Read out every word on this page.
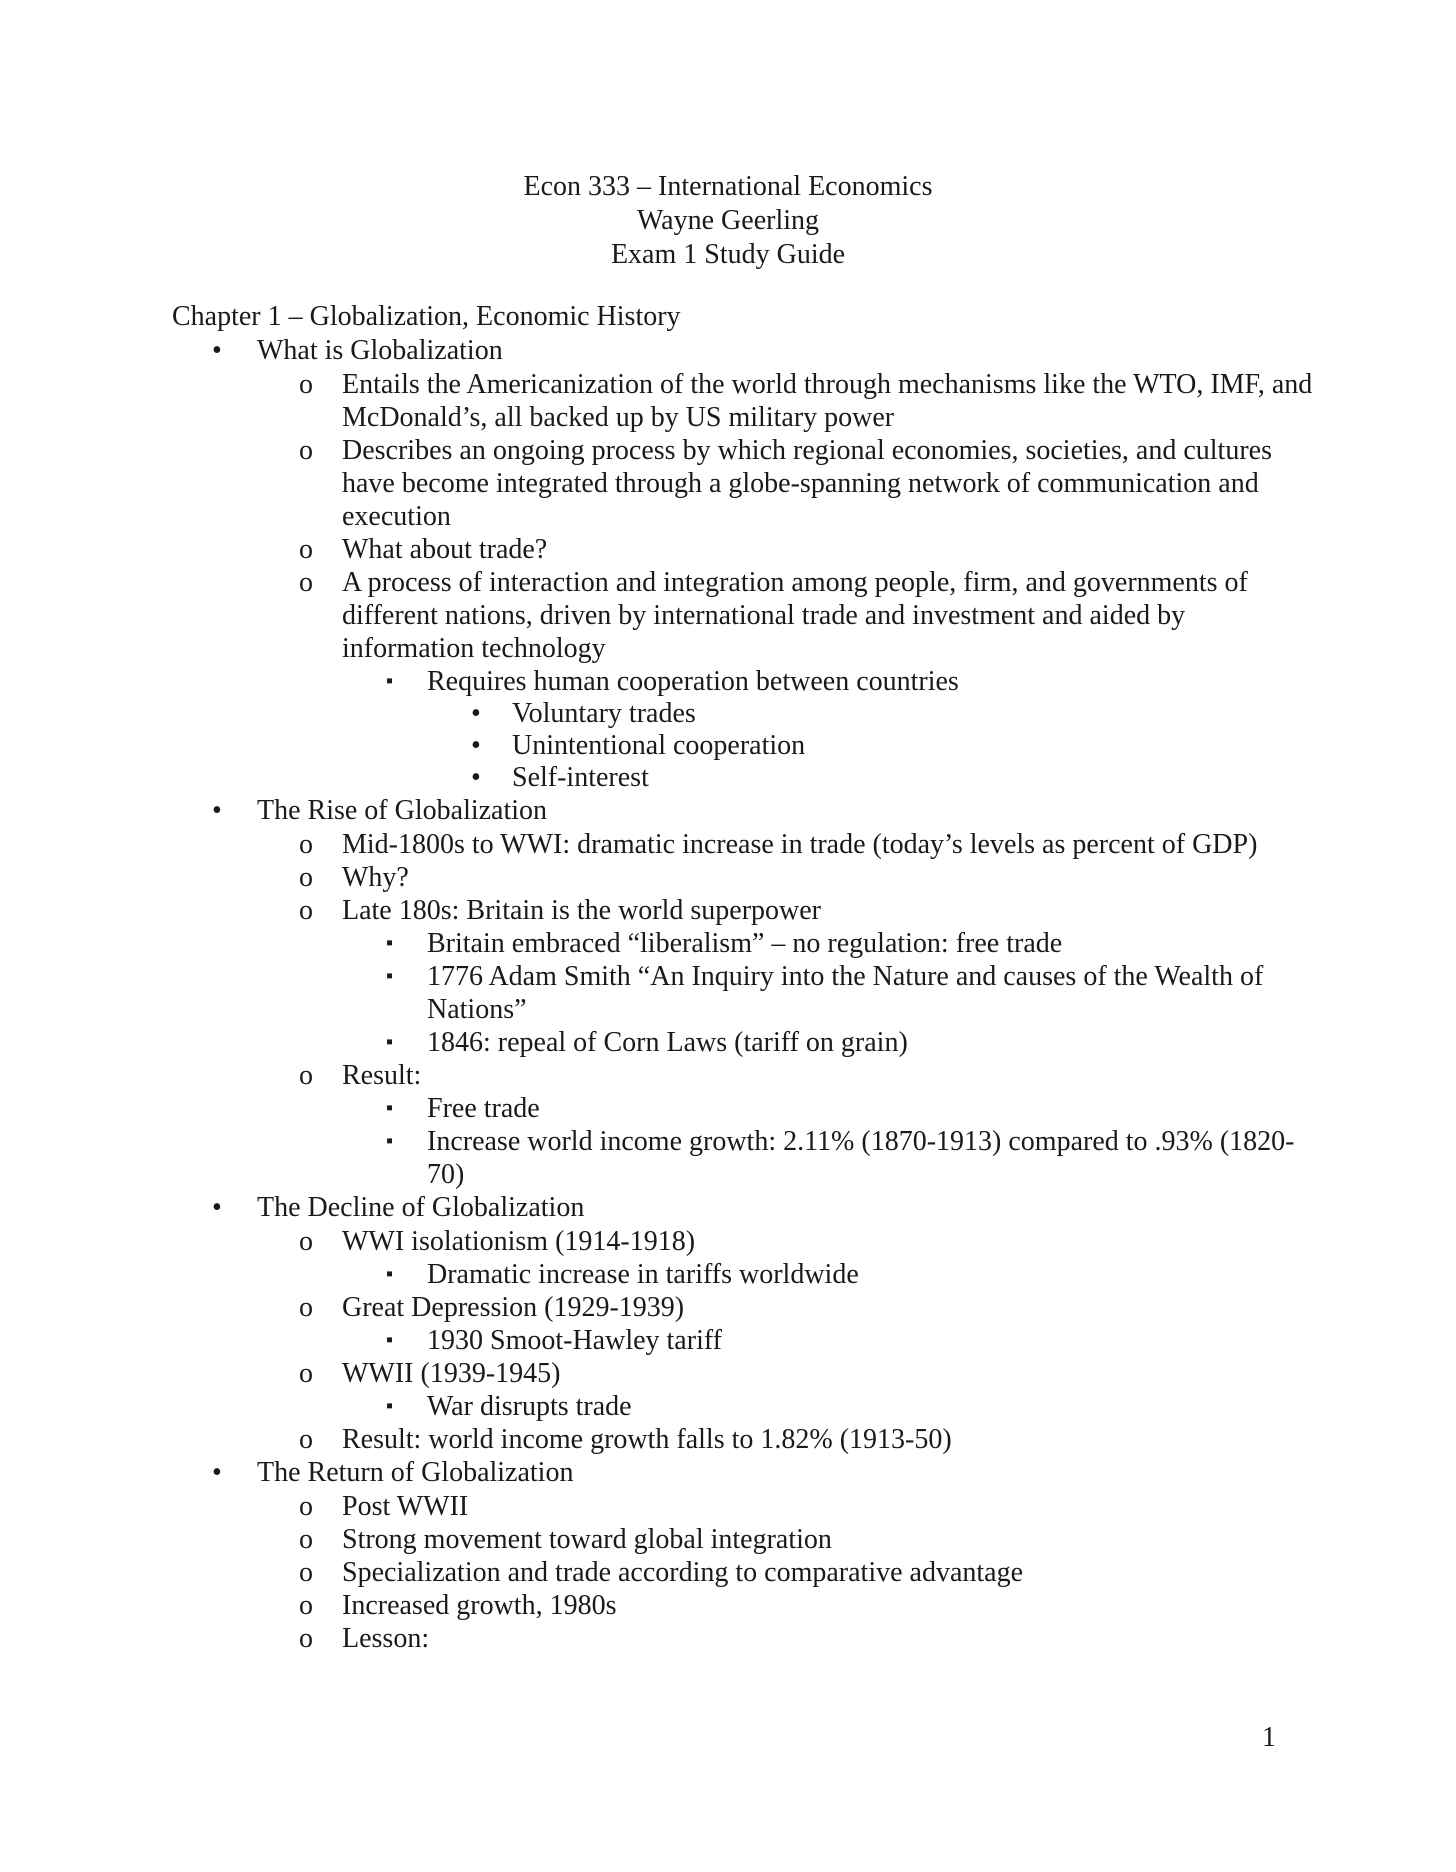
Econ 333 – International Economics
Wayne Geerling
Exam 1 Study Guide
Chapter 1 – Globalization, Economic History
• What is Globalization
o Entails the Americanization of the world through mechanisms like the WTO, IMF, and McDonald’s, all backed up by US military power
o Describes an ongoing process by which regional economies, societies, and cultures have become integrated through a globe-spanning network of communication and execution
o What about trade?
o A process of interaction and integration among people, firm, and governments of different nations, driven by international trade and investment and aided by information technology
▪ Requires human cooperation between countries
• Voluntary trades
• Unintentional cooperation
• Self-interest
• The Rise of Globalization
o Mid-1800s to WWI: dramatic increase in trade (today’s levels as percent of GDP)
o Why?
o Late 180s: Britain is the world superpower
▪ Britain embraced “liberalism” – no regulation: free trade
▪ 1776 Adam Smith “An Inquiry into the Nature and causes of the Wealth of Nations”
▪ 1846: repeal of Corn Laws (tariff on grain)
o Result:
▪ Free trade
▪ Increase world income growth: 2.11% (1870-1913) compared to .93% (1820-70)
• The Decline of Globalization
o WWI isolationism (1914-1918)
▪ Dramatic increase in tariffs worldwide
o Great Depression (1929-1939)
▪ 1930 Smoot-Hawley tariff
o WWII (1939-1945)
▪ War disrupts trade
o Result: world income growth falls to 1.82% (1913-50)
• The Return of Globalization
o Post WWII
o Strong movement toward global integration
o Specialization and trade according to comparative advantage
o Increased growth, 1980s
o Lesson:
1
